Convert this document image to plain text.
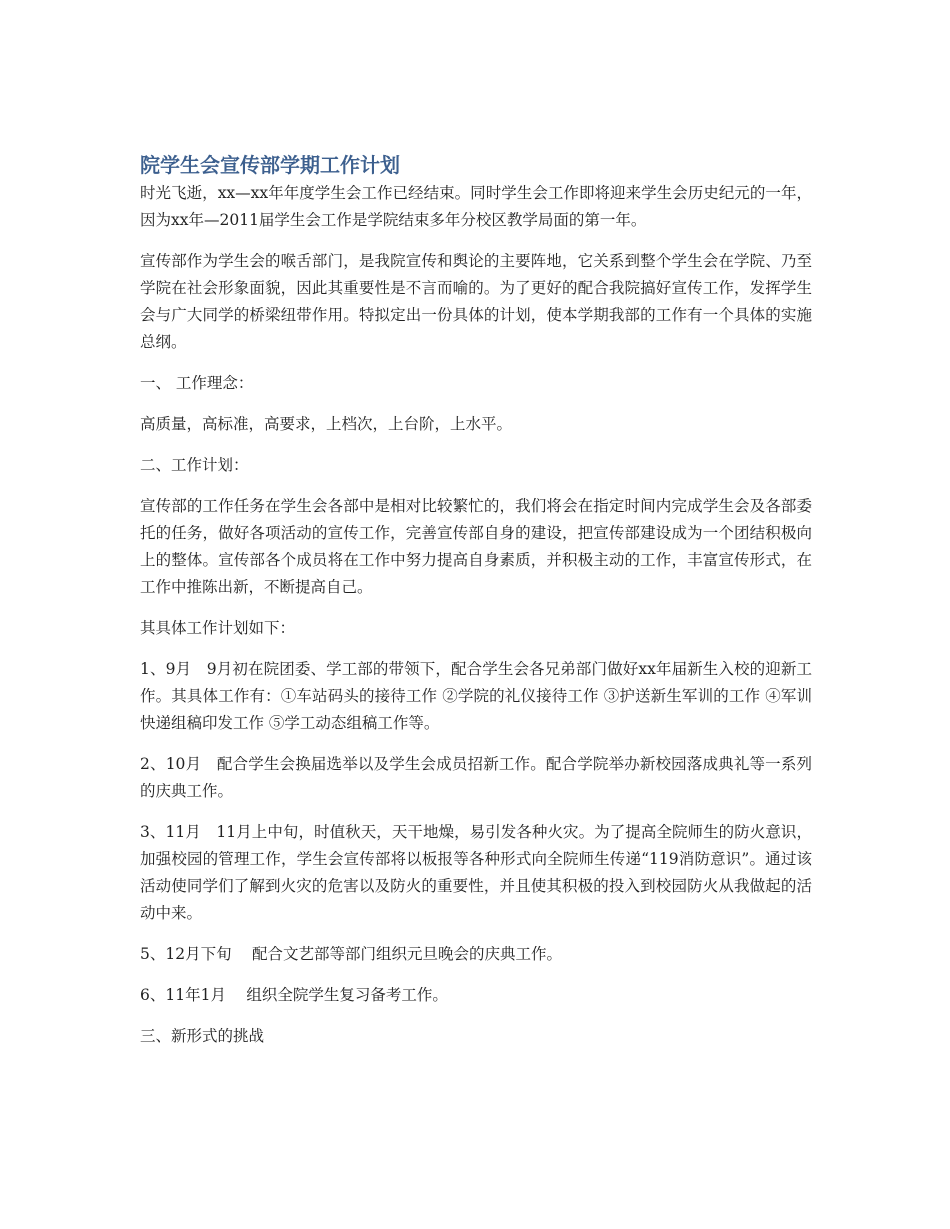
院学生会宣传部学期工作计划

时光飞逝，xx—xx年年度学生会工作已经结束。同时学生会工作即将迎来学生会历史纪元的一年，因为xx年—2011届学生会工作是学院结束多年分校区教学局面的第一年。

宣传部作为学生会的喉舌部门，是我院宣传和舆论的主要阵地，它关系到整个学生会在学院、乃至学院在社会形象面貌，因此其重要性是不言而喻的。为了更好的配合我院搞好宣传工作，发挥学生会与广大同学的桥梁纽带作用。特拟定出一份具体的计划，使本学期我部的工作有一个具体的实施总纲。

一、 工作理念：

高质量，高标准，高要求，上档次，上台阶，上水平。

二、工作计划：

宣传部的工作任务在学生会各部中是相对比较繁忙的，我们将会在指定时间内完成学生会及各部委托的任务，做好各项活动的宣传工作，完善宣传部自身的建设，把宣传部建设成为一个团结积极向上的整体。宣传部各个成员将在工作中努力提高自身素质，并积极主动的工作，丰富宣传形式，在工作中推陈出新，不断提高自己。

其具体工作计划如下：

1、9月　9月初在院团委、学工部的带领下，配合学生会各兄弟部门做好xx年届新生入校的迎新工作。其具体工作有：①车站码头的接待工作 ②学院的礼仪接待工作 ③护送新生军训的工作 ④军训快递组稿印发工作 ⑤学工动态组稿工作等。

2、10月　配合学生会换届选举以及学生会成员招新工作。配合学院举办新校园落成典礼等一系列的庆典工作。

3、11月　11月上中旬，时值秋天，天干地燥，易引发各种火灾。为了提高全院师生的防火意识，加强校园的管理工作，学生会宣传部将以板报等各种形式向全院师生传递“119消防意识”。通过该活动使同学们了解到火灾的危害以及防火的重要性，并且使其积极的投入到校园防火从我做起的活动中来。

5、12月下旬　 配合文艺部等部门组织元旦晚会的庆典工作。

6、11年1月　 组织全院学生复习备考工作。

三、新形式的挑战
